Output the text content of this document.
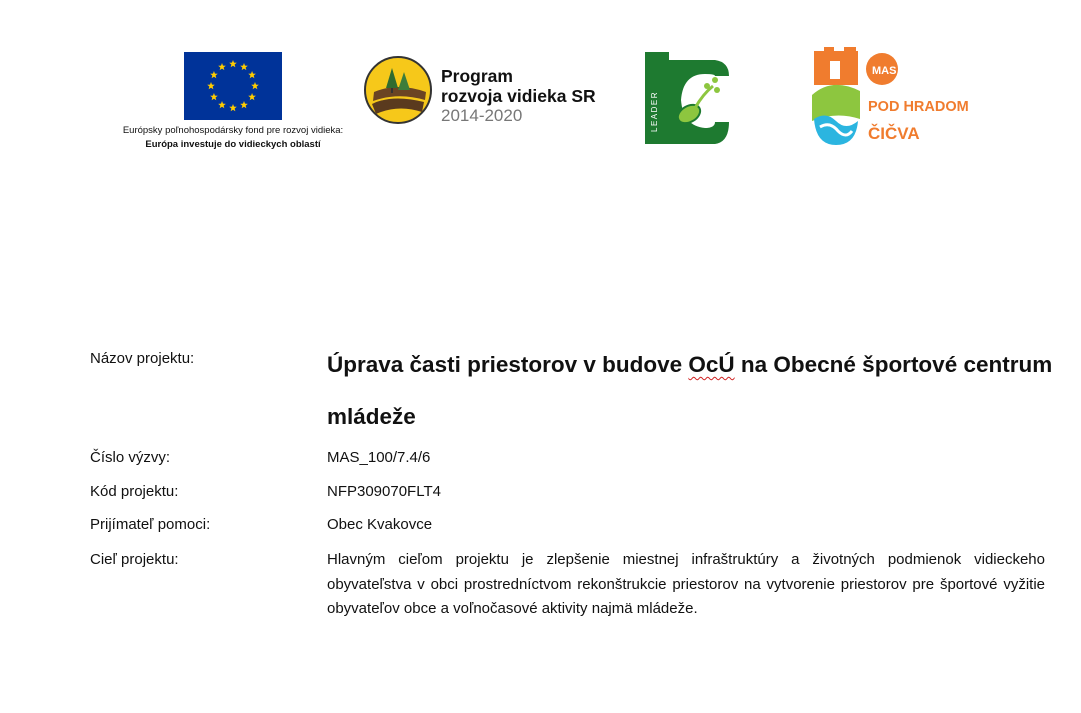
Európsky poľnohospodársky fond pre rozvoj vidieka:
Európa investuje do vidieckych oblastí
Program
rozvoja vidieka SR
2014-2020	LEADER
MAS
POD HRADOM
ČIČVA
Názov projektu:	Úprava časti priestorov v budove OcÚ na Obecné športové centrum mládeže
Číslo výzvy:	MAS_100/7.4/6
Kód projektu:	NFP309070FLT4
Prijímateľ pomoci:	Obec Kvakovce
Cieľ projektu:	Hlavným cieľom projektu je zlepšenie miestnej infraštruktúry a životných podmienok vidieckeho obyvateľstva v obci prostredníctvom rekonštrukcie priestorov na vytvorenie priestorov pre športové vyžitie obyvateľov obce a voľnočasové aktivity najmä mládeže.
